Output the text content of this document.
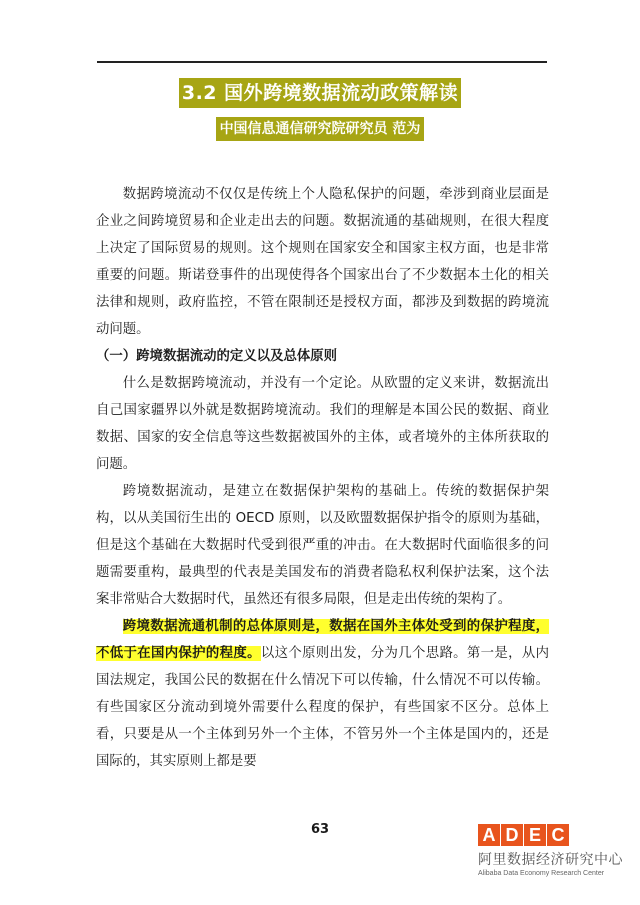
3.2 国外跨境数据流动政策解读
中国信息通信研究院研究员 范为

数据跨境流动不仅仅是传统上个人隐私保护的问题，牵涉到商业层面是企业之间跨境贸易和企业走出去的问题。数据流通的基础规则，在很大程度上决定了国际贸易的规则。这个规则在国家安全和国家主权方面，也是非常重要的问题。斯诺登事件的出现使得各个国家出台了不少数据本土化的相关法律和规则，政府监控，不管在限制还是授权方面，都涉及到数据的跨境流动问题。

（一）跨境数据流动的定义以及总体原则

什么是数据跨境流动，并没有一个定论。从欧盟的定义来讲，数据流出自己国家疆界以外就是数据跨境流动。我们的理解是本国公民的数据、商业数据、国家的安全信息等这些数据被国外的主体，或者境外的主体所获取的问题。

跨境数据流动，是建立在数据保护架构的基础上。传统的数据保护架构，以从美国衍生出的 OECD 原则，以及欧盟数据保护指令的原则为基础，但是这个基础在大数据时代受到很严重的冲击。在大数据时代面临很多的问题需要重构，最典型的代表是美国发布的消费者隐私权利保护法案，这个法案非常贴合大数据时代，虽然还有很多局限，但是走出传统的架构了。

跨境数据流通机制的总体原则是，数据在国外主体处受到的保护程度，不低于在国内保护的程度。以这个原则出发，分为几个思路。第一是，从内国法规定，我国公民的数据在什么情况下可以传输，什么情况不可以传输。有些国家区分流动到境外需要什么程度的保护，有些国家不区分。总体上看，只要是从一个主体到另外一个主体，不管另外一个主体是国内的，还是国际的，其实原则上都是要

63	A D E C
阿里数据经济研究中心
Alibaba Data Economy Research Center
